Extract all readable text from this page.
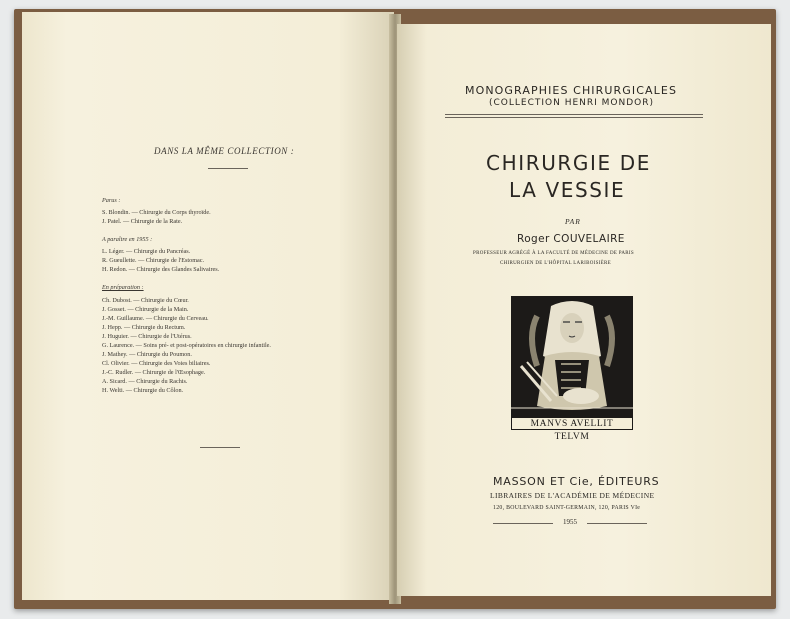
DANS LA MÊME COLLECTION :
Parus :
S. Blondin. — Chirurgie du Corps thyroïde.
J. Patel. — Chirurgie de la Rate.
A paraître en 1955 :
L. Léger. — Chirurgie du Pancréas.
R. Gueullette. — Chirurgie de l'Estomac.
H. Redon. — Chirurgie des Glandes Salivaires.
En préparation :
Ch. Dubost. — Chirurgie du Cœur.
J. Gosset. — Chirurgie de la Main.
J.-M. Guillaume. — Chirurgie du Cerveau.
J. Hepp. — Chirurgie du Rectum.
J. Huguier. — Chirurgie de l'Utérus.
G. Laurence. — Soins pré- et post-opératoires en chirurgie infantile.
J. Mathey. — Chirurgie du Poumon.
Cl. Olivier. — Chirurgie des Voies biliaires.
J.-C. Rudler. — Chirurgie de l'Œsophage.
A. Sicard. — Chirurgie du Rachis.
H. Welti. — Chirurgie du Côlon.
MONOGRAPHIES CHIRURGICALES
(COLLECTION HENRI MONDOR)
CHIRURGIE DE
LA VESSIE
PAR
Roger COUVELAIRE
PROFESSEUR AGRÉGÉ À LA FACULTÉ DE MÉDECINE DE PARIS
CHIRURGIEN DE L'HÔPITAL LARIBOISIÈRE
MANVS AVELLIT TELVM
MASSON ET Cie, ÉDITEURS
LIBRAIRES DE L'ACADÉMIE DE MÉDECINE
120, BOULEVARD SAINT-GERMAIN, 120, PARIS VIe
1955
